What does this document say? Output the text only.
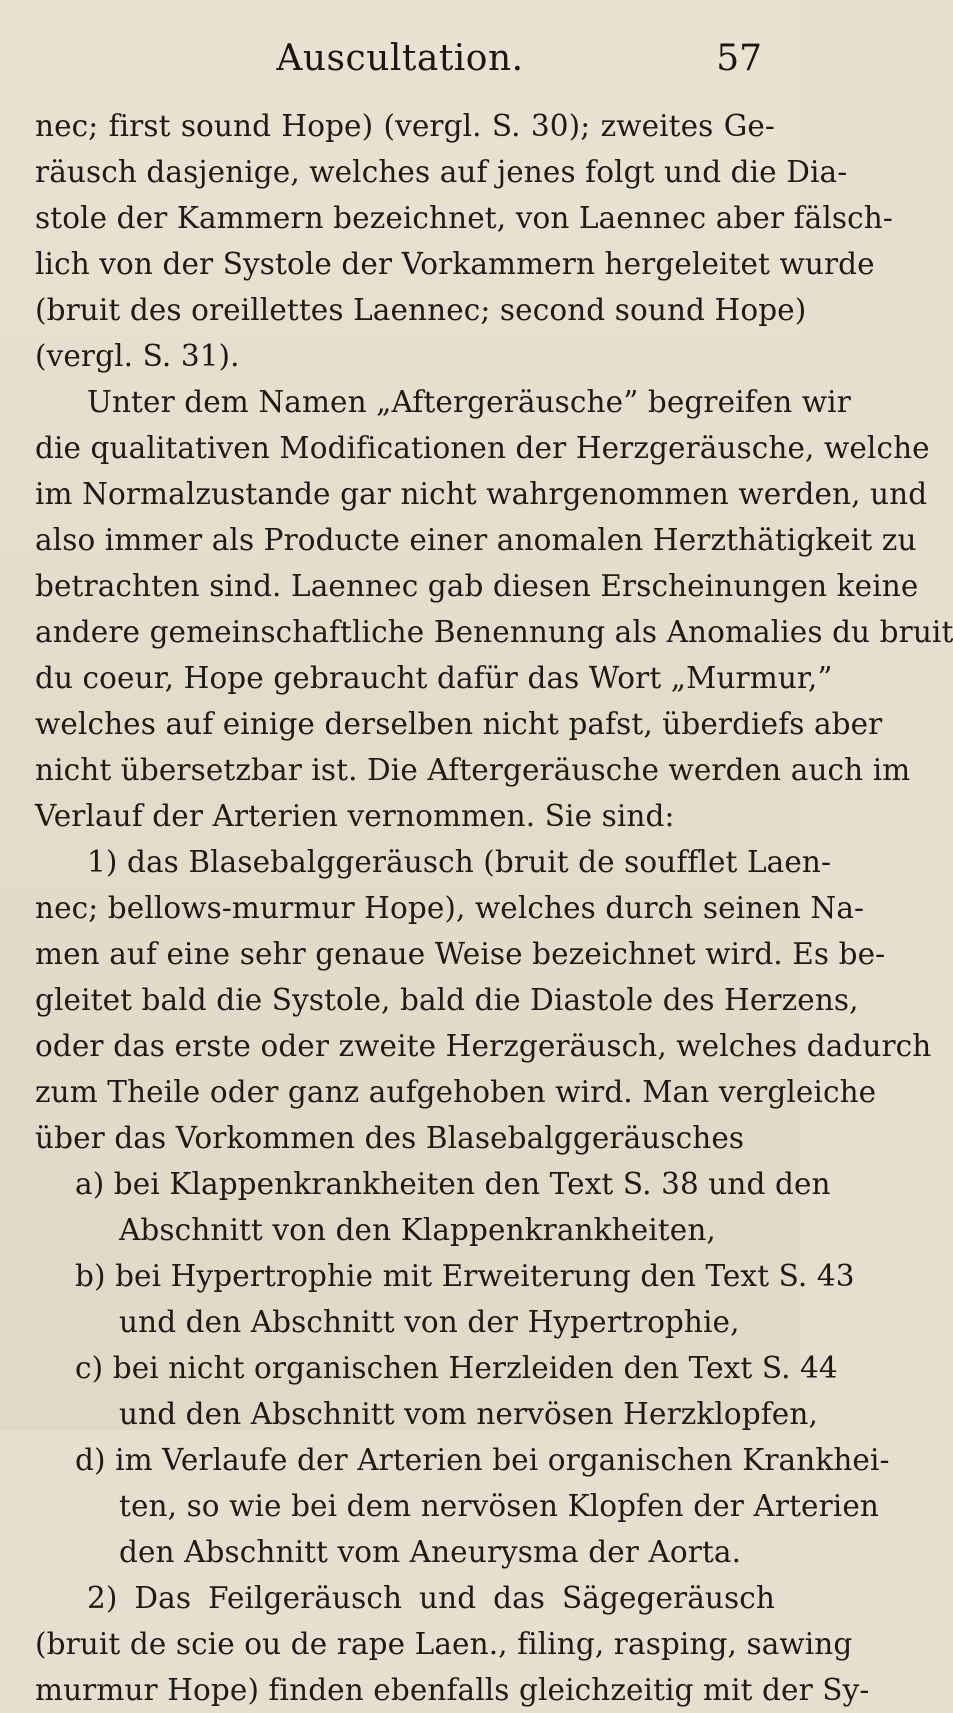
Auscultation.	57
nec; first sound Hope) (vergl. S. 30); zweites Ge-
räusch dasjenige, welches auf jenes folgt und die Dia-
stole der Kammern bezeichnet, von Laennec aber fälsch-
lich von der Systole der Vorkammern hergeleitet wurde
(bruit des oreillettes Laennec; second sound Hope)
(vergl. S. 31).
Unter dem Namen „Aftergeräusche” begreifen wir
die qualitativen Modificationen der Herzgeräusche, welche
im Normalzustande gar nicht wahrgenommen werden, und
also immer als Producte einer anomalen Herzthätigkeit zu
betrachten sind. Laennec gab diesen Erscheinungen keine
andere gemeinschaftliche Benennung als Anomalies du bruit
du coeur, Hope gebraucht dafür das Wort „Murmur,”
welches auf einige derselben nicht pafst, überdiefs aber
nicht übersetzbar ist. Die Aftergeräusche werden auch im
Verlauf der Arterien vernommen. Sie sind:
1) das Blasebalggeräusch (bruit de soufflet Laen-
nec; bellows-murmur Hope), welches durch seinen Na-
men auf eine sehr genaue Weise bezeichnet wird. Es be-
gleitet bald die Systole, bald die Diastole des Herzens,
oder das erste oder zweite Herzgeräusch, welches dadurch
zum Theile oder ganz aufgehoben wird. Man vergleiche
über das Vorkommen des Blasebalggeräusches
a) bei Klappenkrankheiten den Text S. 38 und den
Abschnitt von den Klappenkrankheiten,
b) bei Hypertrophie mit Erweiterung den Text S. 43
und den Abschnitt von der Hypertrophie,
c) bei nicht organischen Herzleiden den Text S. 44
und den Abschnitt vom nervösen Herzklopfen,
d) im Verlaufe der Arterien bei organischen Krankhei-
ten, so wie bei dem nervösen Klopfen der Arterien
den Abschnitt vom Aneurysma der Aorta.
2) Das Feilgeräusch und das Sägegeräusch
(bruit de scie ou de rape Laen., filing, rasping, sawing
murmur Hope) finden ebenfalls gleichzeitig mit der Sy-
